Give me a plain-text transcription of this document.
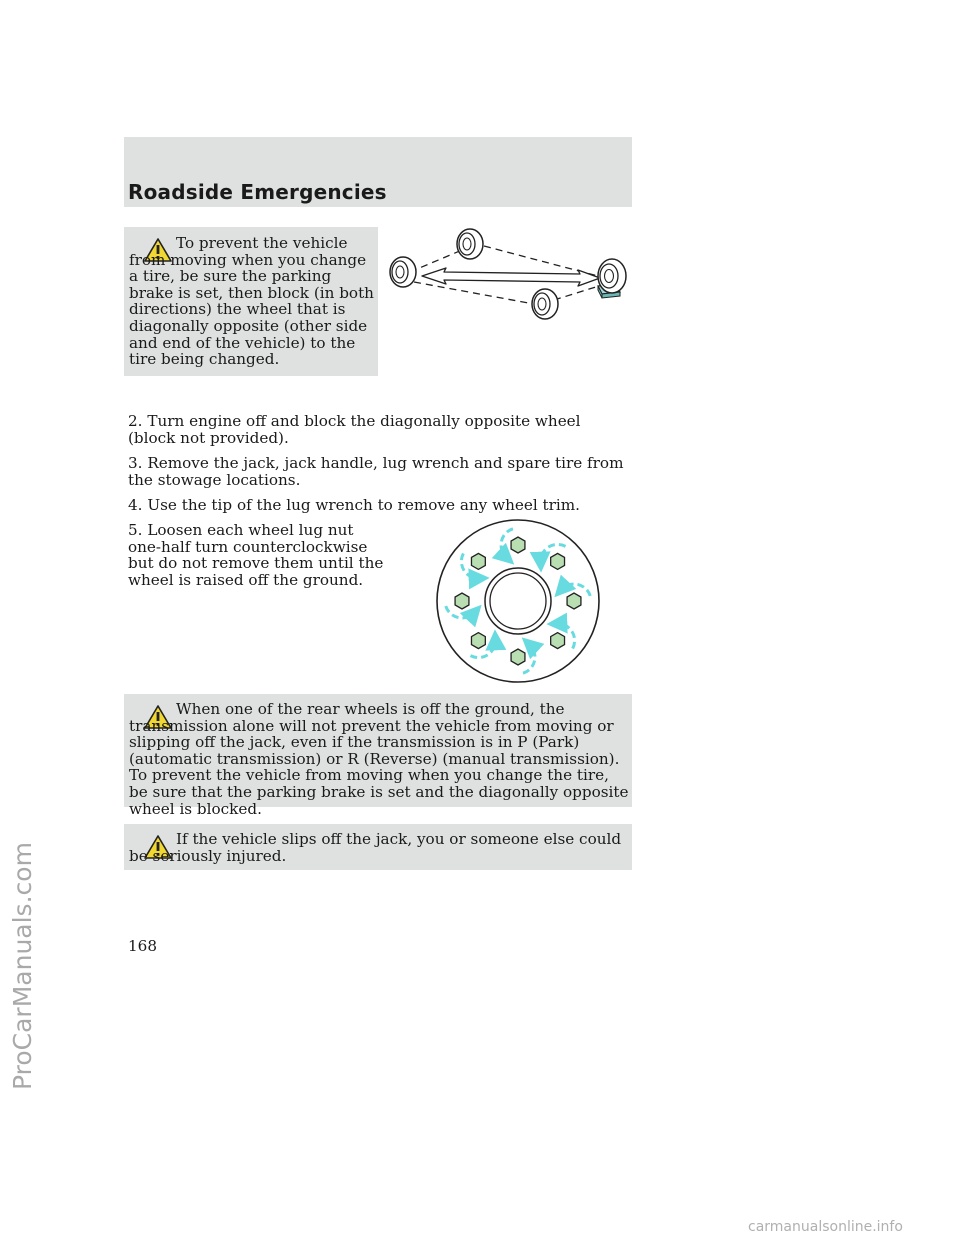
Roadside Emergencies

To prevent the vehicle from moving when you change a tire, be sure the parking brake is set, then block (in both directions) the wheel that is diagonally opposite (other side and end of the vehicle) to the tire being changed.

2. Turn engine off and block the diagonally opposite wheel (block not provided).

3. Remove the jack, jack handle, lug wrench and spare tire from the stowage locations.

4. Use the tip of the lug wrench to remove any wheel trim.

5. Loosen each wheel lug nut one-half turn counterclockwise but do not remove them until the wheel is raised off the ground.

When one of the rear wheels is off the ground, the transmission alone will not prevent the vehicle from moving or slipping off the jack, even if the transmission is in P (Park) (automatic transmission) or R (Reverse) (manual transmission). To prevent the vehicle from moving when you change the tire, be sure that the parking brake is set and the diagonally opposite wheel is blocked.

If the vehicle slips off the jack, you or someone else could be seriously injured.

168

ProCarManuals.com
carmanualsonline.info
